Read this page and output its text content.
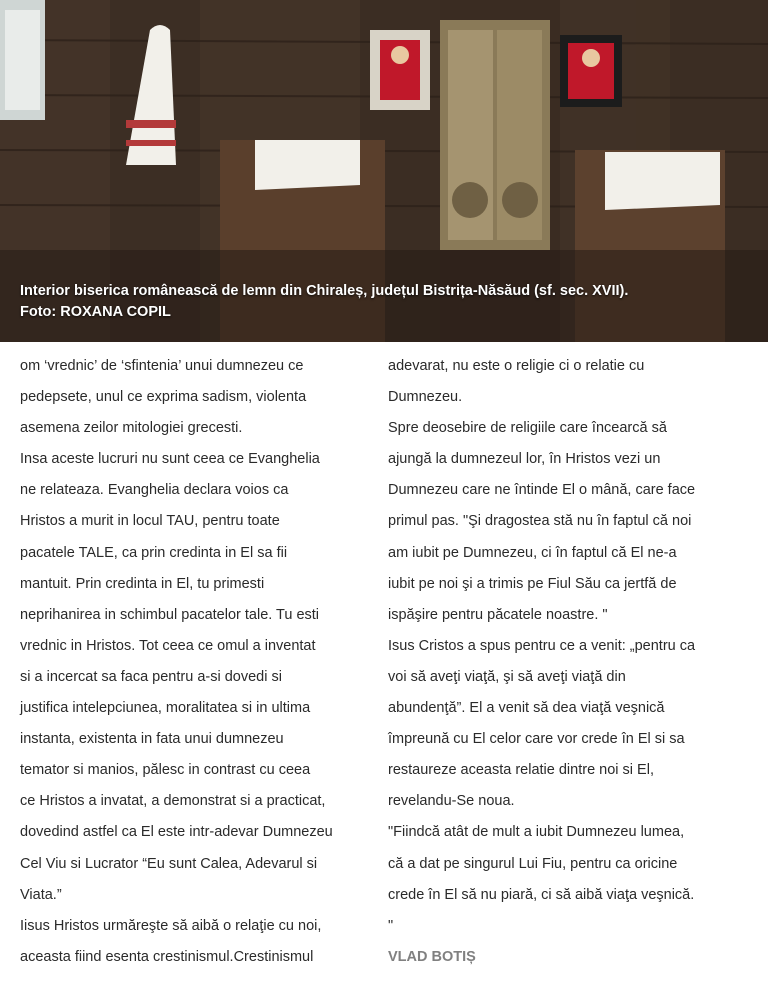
Interior biserica românească de lemn din Chiraleș, județul Bistrița-Năsăud (sf. sec. XVII).
Foto: ROXANA COPIL

om ‘vrednic’ de ‘sfintenia’ unui dumnezeu ce

pedepsete, unul ce exprima sadism, violenta

asemena zeilor mitologiei grecesti.

Insa aceste lucruri nu sunt ceea ce Evanghelia

ne relateaza. Evanghelia declara voios ca

Hristos a murit in locul TAU, pentru toate

pacatele TALE, ca prin credinta in El sa fii

mantuit. Prin credinta in El, tu primesti

neprihanirea in schimbul pacatelor tale. Tu esti

vrednic in Hristos. Tot ceea ce omul a inventat

si a incercat sa faca pentru a-si dovedi si

justifica intelepciunea, moralitatea si in ultima

instanta, existenta in fata unui dumnezeu

temator si manios, pălesc in contrast cu ceea

ce Hristos a invatat, a demonstrat si a practicat,

dovedind astfel ca El este intr-adevar Dumnezeu

Cel Viu si Lucrator “Eu sunt Calea, Adevarul si

Viata.”

Iisus Hristos urmăreşte să aibă o relaţie cu noi,

aceasta fiind esenta crestinismul.Crestinismul

adevarat, nu este o religie ci o relatie cu

Dumnezeu.

Spre deosebire de religiile care încearcă să

ajungă la dumnezeul lor, în Hristos vezi un

Dumnezeu care ne întinde El o mână, care face

primul pas. "Şi dragostea stă nu în faptul că noi

am iubit pe Dumnezeu, ci în faptul că El ne-a

iubit pe noi şi a trimis pe Fiul Său ca jertfă de

ispăşire pentru păcatele noastre. "

Isus Cristos a spus pentru ce a venit: „pentru ca

voi să aveţi viaţă, şi să aveţi viaţă din

abundenţă”. El a venit să dea viaţă veşnică

împreună cu El celor care vor crede în El si sa

restaureze aceasta relatie dintre noi si El,

revelandu-Se noua.

"Fiindcă atât de mult a iubit Dumnezeu lumea,

că a dat pe singurul Lui Fiu, pentru ca oricine

crede în El să nu piară, ci să aibă viaţa veşnică.

"

VLAD BOTIȘ
